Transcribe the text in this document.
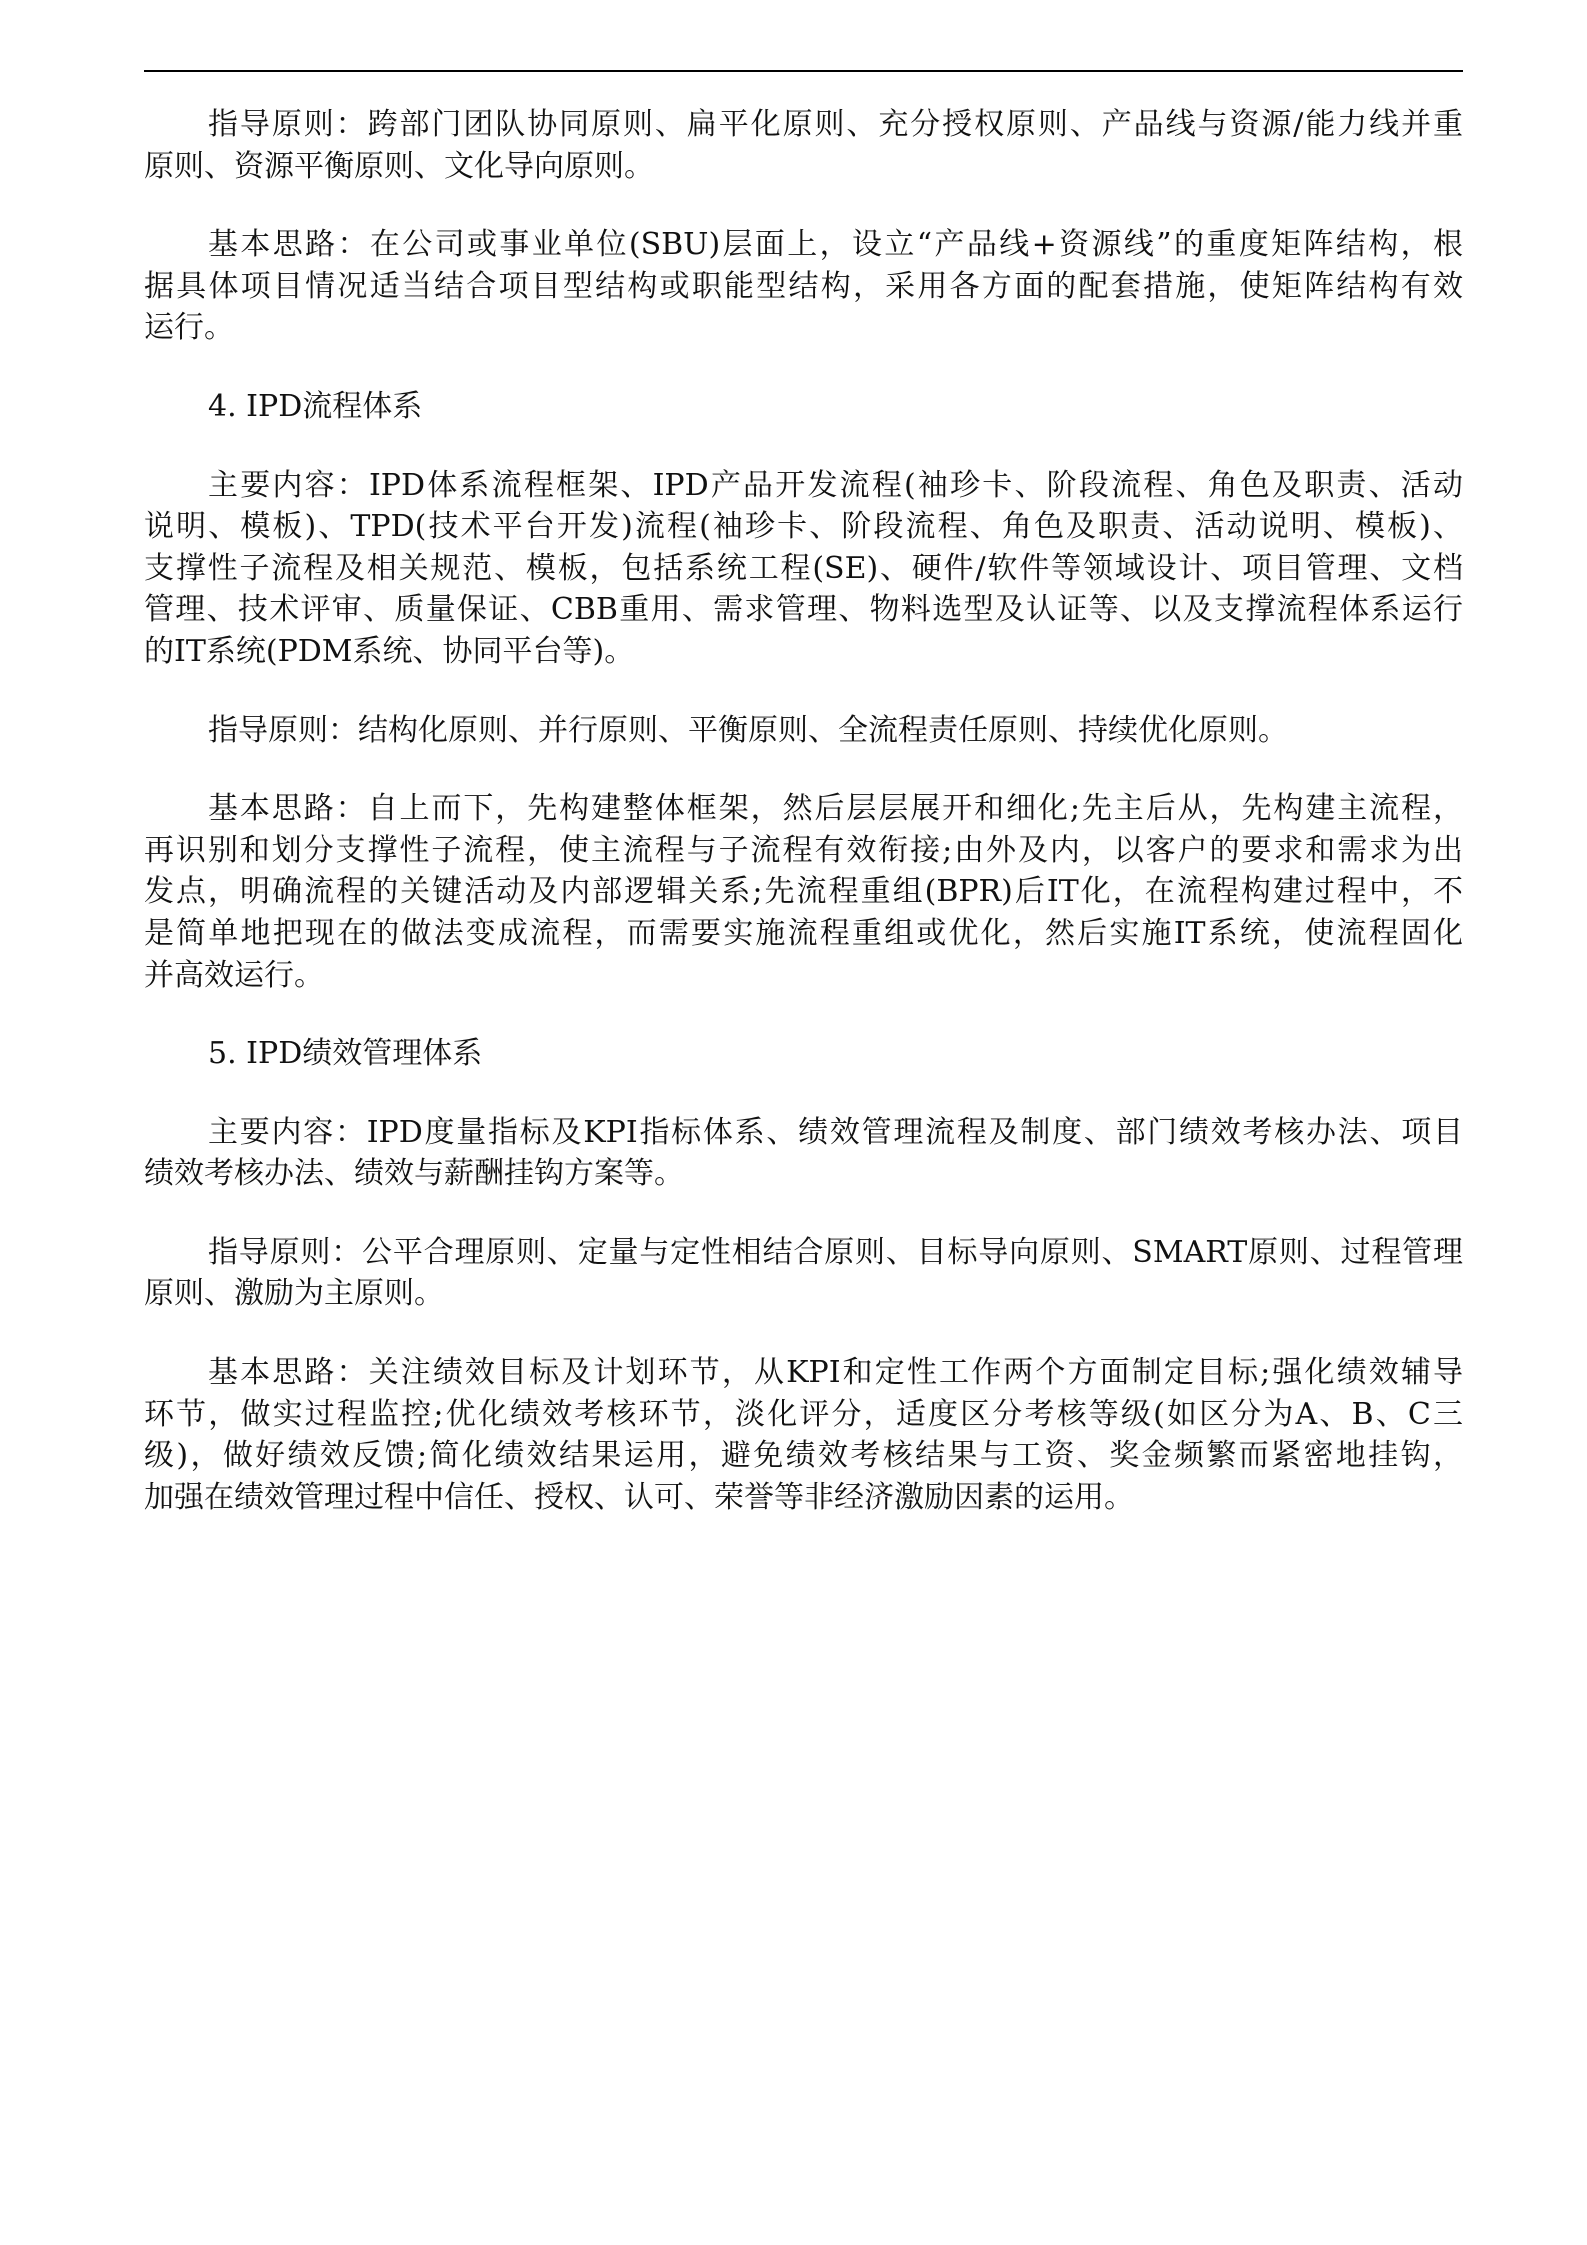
指导原则：跨部门团队协同原则、扁平化原则、充分授权原则、产品线与资源/能力线并重
原则、资源平衡原则、文化导向原则。
基本思路：在公司或事业单位(SBU)层面上，设立“产品线+资源线”的重度矩阵结构，根
据具体项目情况适当结合项目型结构或职能型结构，采用各方面的配套措施，使矩阵结构有效
运行。
4. IPD流程体系
主要内容：IPD体系流程框架、IPD产品开发流程(袖珍卡、阶段流程、角色及职责、活动
说明、模板)、TPD(技术平台开发)流程(袖珍卡、阶段流程、角色及职责、活动说明、模板)、
支撑性子流程及相关规范、模板，包括系统工程(SE)、硬件/软件等领域设计、项目管理、文档
管理、技术评审、质量保证、CBB重用、需求管理、物料选型及认证等、以及支撑流程体系运行
的IT系统(PDM系统、协同平台等)。
指导原则：结构化原则、并行原则、平衡原则、全流程责任原则、持续优化原则。
基本思路：自上而下，先构建整体框架，然后层层展开和细化;先主后从，先构建主流程，
再识别和划分支撑性子流程，使主流程与子流程有效衔接;由外及内，以客户的要求和需求为出
发点，明确流程的关键活动及内部逻辑关系;先流程重组(BPR)后IT化，在流程构建过程中，不
是简单地把现在的做法变成流程，而需要实施流程重组或优化，然后实施IT系统，使流程固化
并高效运行。
5. IPD绩效管理体系
主要内容：IPD度量指标及KPI指标体系、绩效管理流程及制度、部门绩效考核办法、项目
绩效考核办法、绩效与薪酬挂钩方案等。
指导原则：公平合理原则、定量与定性相结合原则、目标导向原则、SMART原则、过程管理
原则、激励为主原则。
基本思路：关注绩效目标及计划环节，从KPI和定性工作两个方面制定目标;强化绩效辅导
环节，做实过程监控;优化绩效考核环节，淡化评分，适度区分考核等级(如区分为A、B、C三
级)，做好绩效反馈;简化绩效结果运用，避免绩效考核结果与工资、奖金频繁而紧密地挂钩，
加强在绩效管理过程中信任、授权、认可、荣誉等非经济激励因素的运用。
